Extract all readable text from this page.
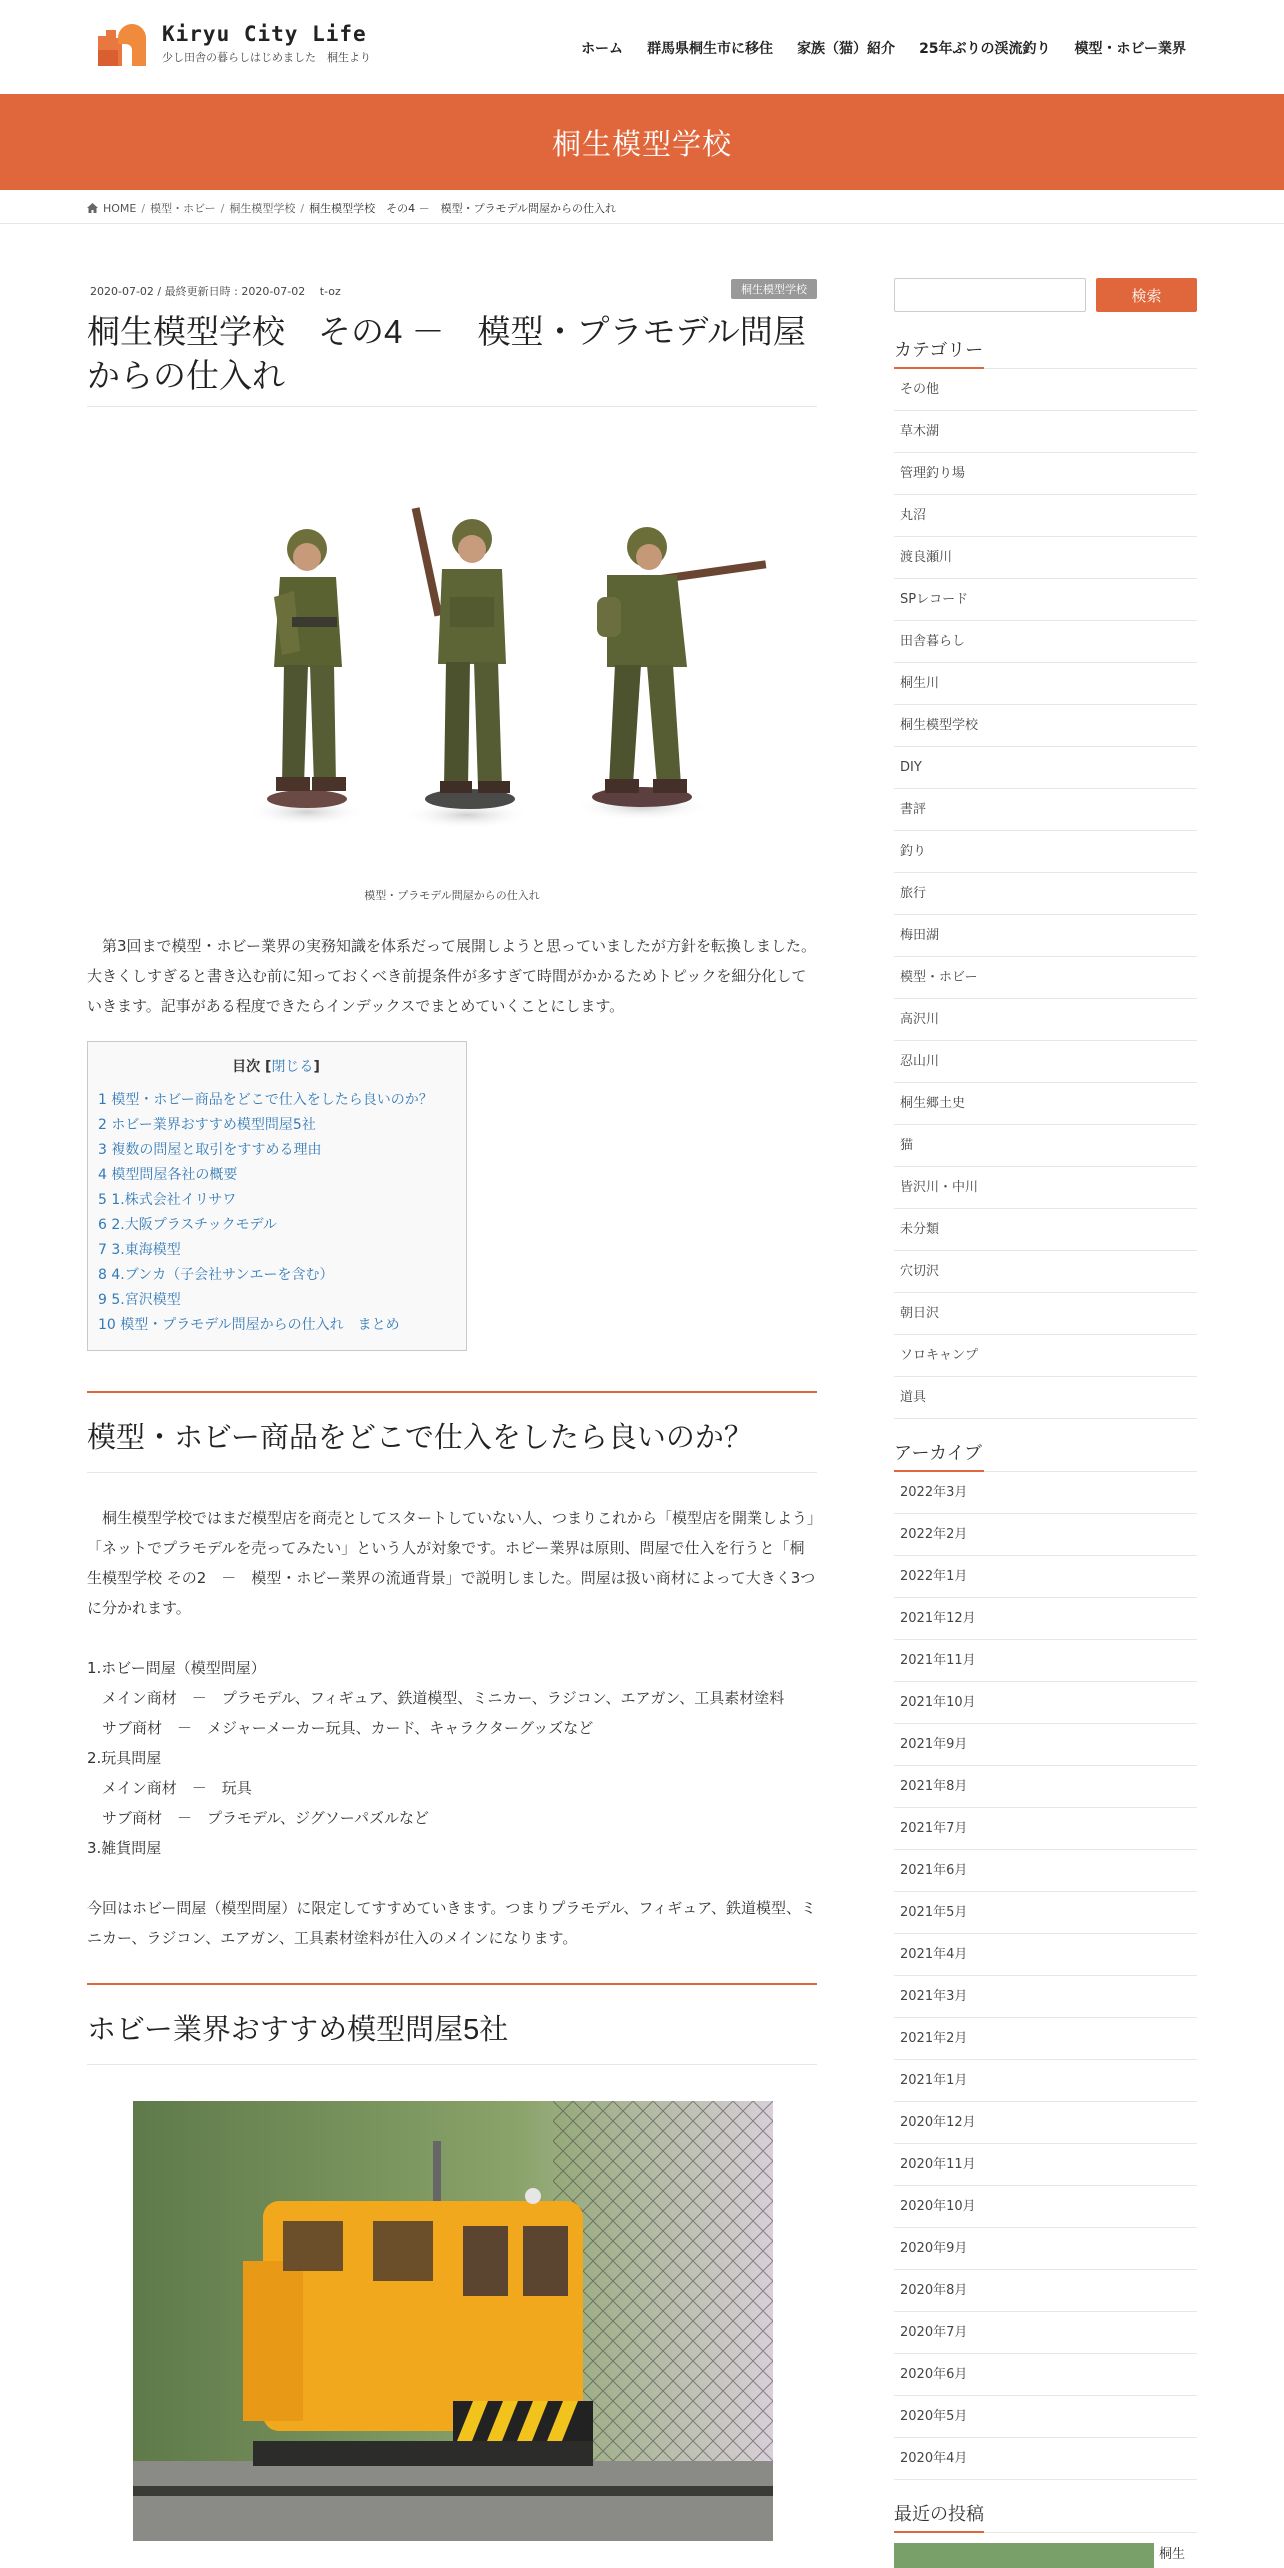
Kiryu City Life
少し田舎の暮らしはじめました　桐生より	ホーム 群馬県桐生市に移住 家族（猫）紹介 25年ぶりの渓流釣り 模型・ホビー業界
桐生模型学校
HOME / 模型・ホビー / 桐生模型学校 / 桐生模型学校　その4 －　模型・プラモデル問屋からの仕入れ
2020-07-02 / 最終更新日時 : 2020-07-02　 t-oz	桐生模型学校
桐生模型学校　その4 －　模型・プラモデル問屋からの仕入れ
模型・プラモデル問屋からの仕入れ

第3回まで模型・ホビー業界の実務知識を体系だって展開しようと思っていましたが方針を転換しました。大きくしすぎると書き込む前に知っておくべき前提条件が多すぎて時間がかかるためトピックを細分化していきます。記事がある程度できたらインデックスでまとめていくことにします。

目次 [閉じる]
1 模型・ホビー商品をどこで仕入をしたら良いのか？
2 ホビー業界おすすめ模型問屋5社
3 複数の問屋と取引をすすめる理由
4 模型問屋各社の概要
5 1.株式会社イリサワ
6 2.大阪プラスチックモデル
7 3.東海模型
8 4.ブンカ（子会社サンエーを含む）
9 5.宮沢模型
10 模型・プラモデル問屋からの仕入れ　まとめ
模型・ホビー商品をどこで仕入をしたら良いのか？

桐生模型学校ではまだ模型店を商売としてスタートしていない人、つまりこれから「模型店を開業しよう」「ネットでプラモデルを売ってみたい」という人が対象です。ホビー業界は原則、問屋で仕入を行うと「桐生模型学校 その2　－　模型・ホビー業界の流通背景」で説明しました。問屋は扱い商材によって大きく3つに分かれます。

1.ホビー問屋（模型問屋）
　メイン商材　－　プラモデル、フィギュア、鉄道模型、ミニカー、ラジコン、エアガン、工具素材塗料
　サブ商材　－　メジャーメーカー玩具、カード、キャラクターグッズなど
2.玩具問屋
　メイン商材　－　玩具
　サブ商材　－　プラモデル、ジグソーパズルなど
3.雑貨問屋

今回はホビー問屋（模型問屋）に限定してすすめていきます。つまりプラモデル、フィギュア、鉄道模型、ミニカー、ラジコン、エアガン、工具素材塗料が仕入のメインになります。

ホビー業界おすすめ模型問屋5社
検索
カテゴリー
その他
草木湖
管理釣り場
丸沼
渡良瀬川
SPレコード
田舎暮らし
桐生川
桐生模型学校
DIY
書評
釣り
旅行
梅田湖
模型・ホビー
高沢川
忍山川
桐生郷土史
猫
皆沢川・中川
未分類
穴切沢
朝日沢
ソロキャンプ
道具
アーカイブ
2022年3月
2022年2月
2022年1月
2021年12月
2021年11月
2021年10月
2021年9月
2021年8月
2021年7月
2021年6月
2021年5月
2021年4月
2021年3月
2021年2月
2021年1月
2020年12月
2020年11月
2020年10月
2020年9月
2020年8月
2020年7月
2020年6月
2020年5月
2020年4月
最近の投稿
桐生
